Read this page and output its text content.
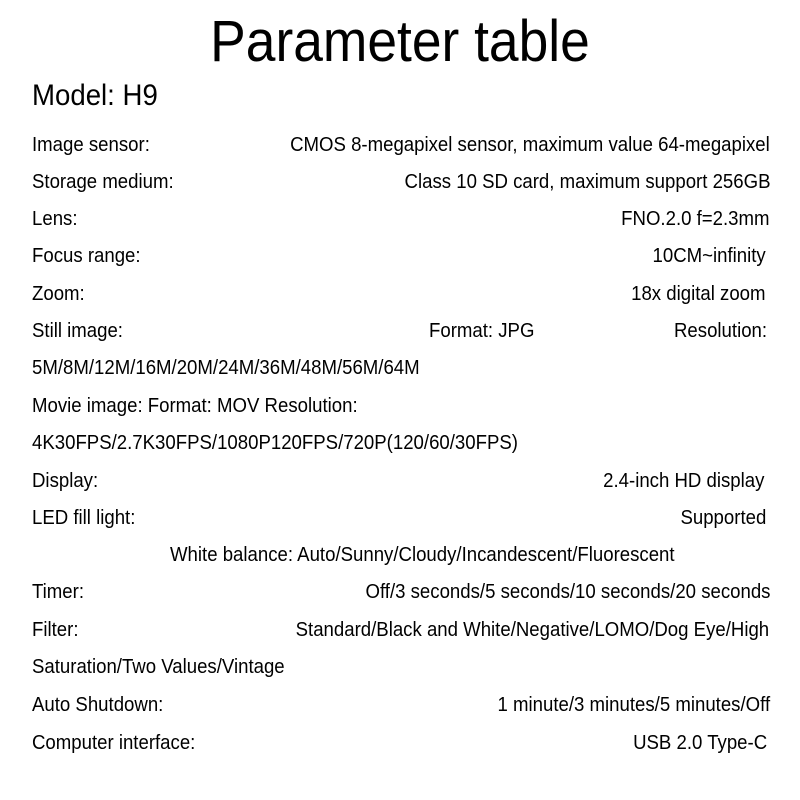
Parameter table
Model: H9
Image sensor:	CMOS 8-megapixel sensor, maximum value 64-megapixel
Storage medium:	Class 10 SD card, maximum support 256GB
Lens:	FNO.2.0 f=2.3mm
Focus range:	10CM~infinity
Zoom:	18x digital zoom
Still image:	Format: JPG	Resolution:
5M/8M/12M/16M/20M/24M/36M/48M/56M/64M
Movie image: Format: MOV Resolution:
4K30FPS/2.7K30FPS/1080P120FPS/720P(120/60/30FPS)
Display:	2.4-inch HD display
LED fill light:	Supported
White balance: Auto/Sunny/Cloudy/Incandescent/Fluorescent
Timer:	Off/3 seconds/5 seconds/10 seconds/20 seconds
Filter:	Standard/Black and White/Negative/LOMO/Dog Eye/High
Saturation/Two Values/Vintage
Auto Shutdown:	1 minute/3 minutes/5 minutes/Off
Computer interface:	USB 2.0 Type-C
